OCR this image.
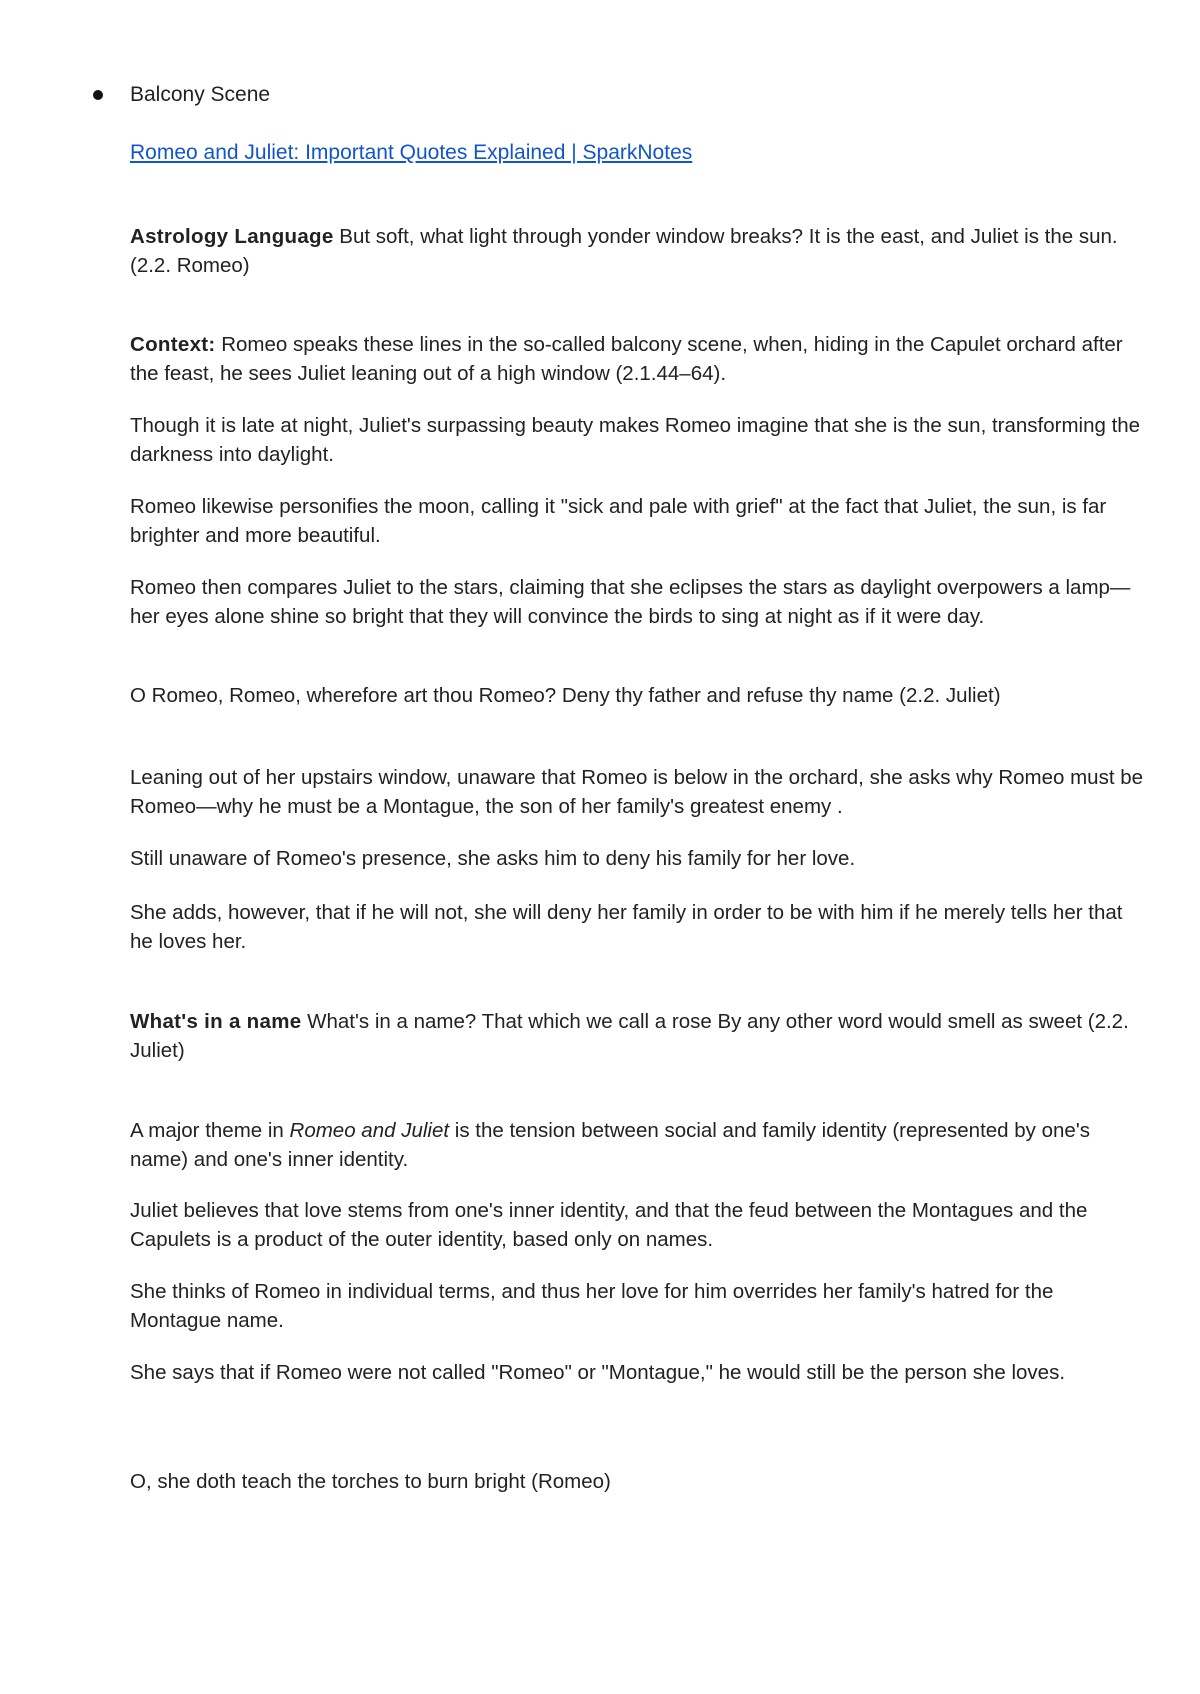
Balcony Scene
Romeo and Juliet: Important Quotes Explained | SparkNotes
Astrology Language But soft, what light through yonder window breaks? It is the east, and Juliet is the sun. (2.2. Romeo)
Context: Romeo speaks these lines in the so-called balcony scene, when, hiding in the Capulet orchard after the feast, he sees Juliet leaning out of a high window (2.1.44–64).
Though it is late at night, Juliet's surpassing beauty makes Romeo imagine that she is the sun, transforming the darkness into daylight.
Romeo likewise personifies the moon, calling it "sick and pale with grief" at the fact that Juliet, the sun, is far brighter and more beautiful.
Romeo then compares Juliet to the stars, claiming that she eclipses the stars as daylight overpowers a lamp—her eyes alone shine so bright that they will convince the birds to sing at night as if it were day.
O Romeo, Romeo, wherefore art thou Romeo? Deny thy father and refuse thy name (2.2. Juliet)
Leaning out of her upstairs window, unaware that Romeo is below in the orchard, she asks why Romeo must be Romeo—why he must be a Montague, the son of her family's greatest enemy .
Still unaware of Romeo's presence, she asks him to deny his family for her love.
She adds, however, that if he will not, she will deny her family in order to be with him if he merely tells her that he loves her.
What's in a name What's in a name? That which we call a rose By any other word would smell as sweet (2.2. Juliet)
A major theme in Romeo and Juliet is the tension between social and family identity (represented by one's name) and one's inner identity.
Juliet believes that love stems from one's inner identity, and that the feud between the Montagues and the Capulets is a product of the outer identity, based only on names.
She thinks of Romeo in individual terms, and thus her love for him overrides her family's hatred for the Montague name.
She says that if Romeo were not called "Romeo" or "Montague," he would still be the person she loves.
O, she doth teach the torches to burn bright (Romeo)
